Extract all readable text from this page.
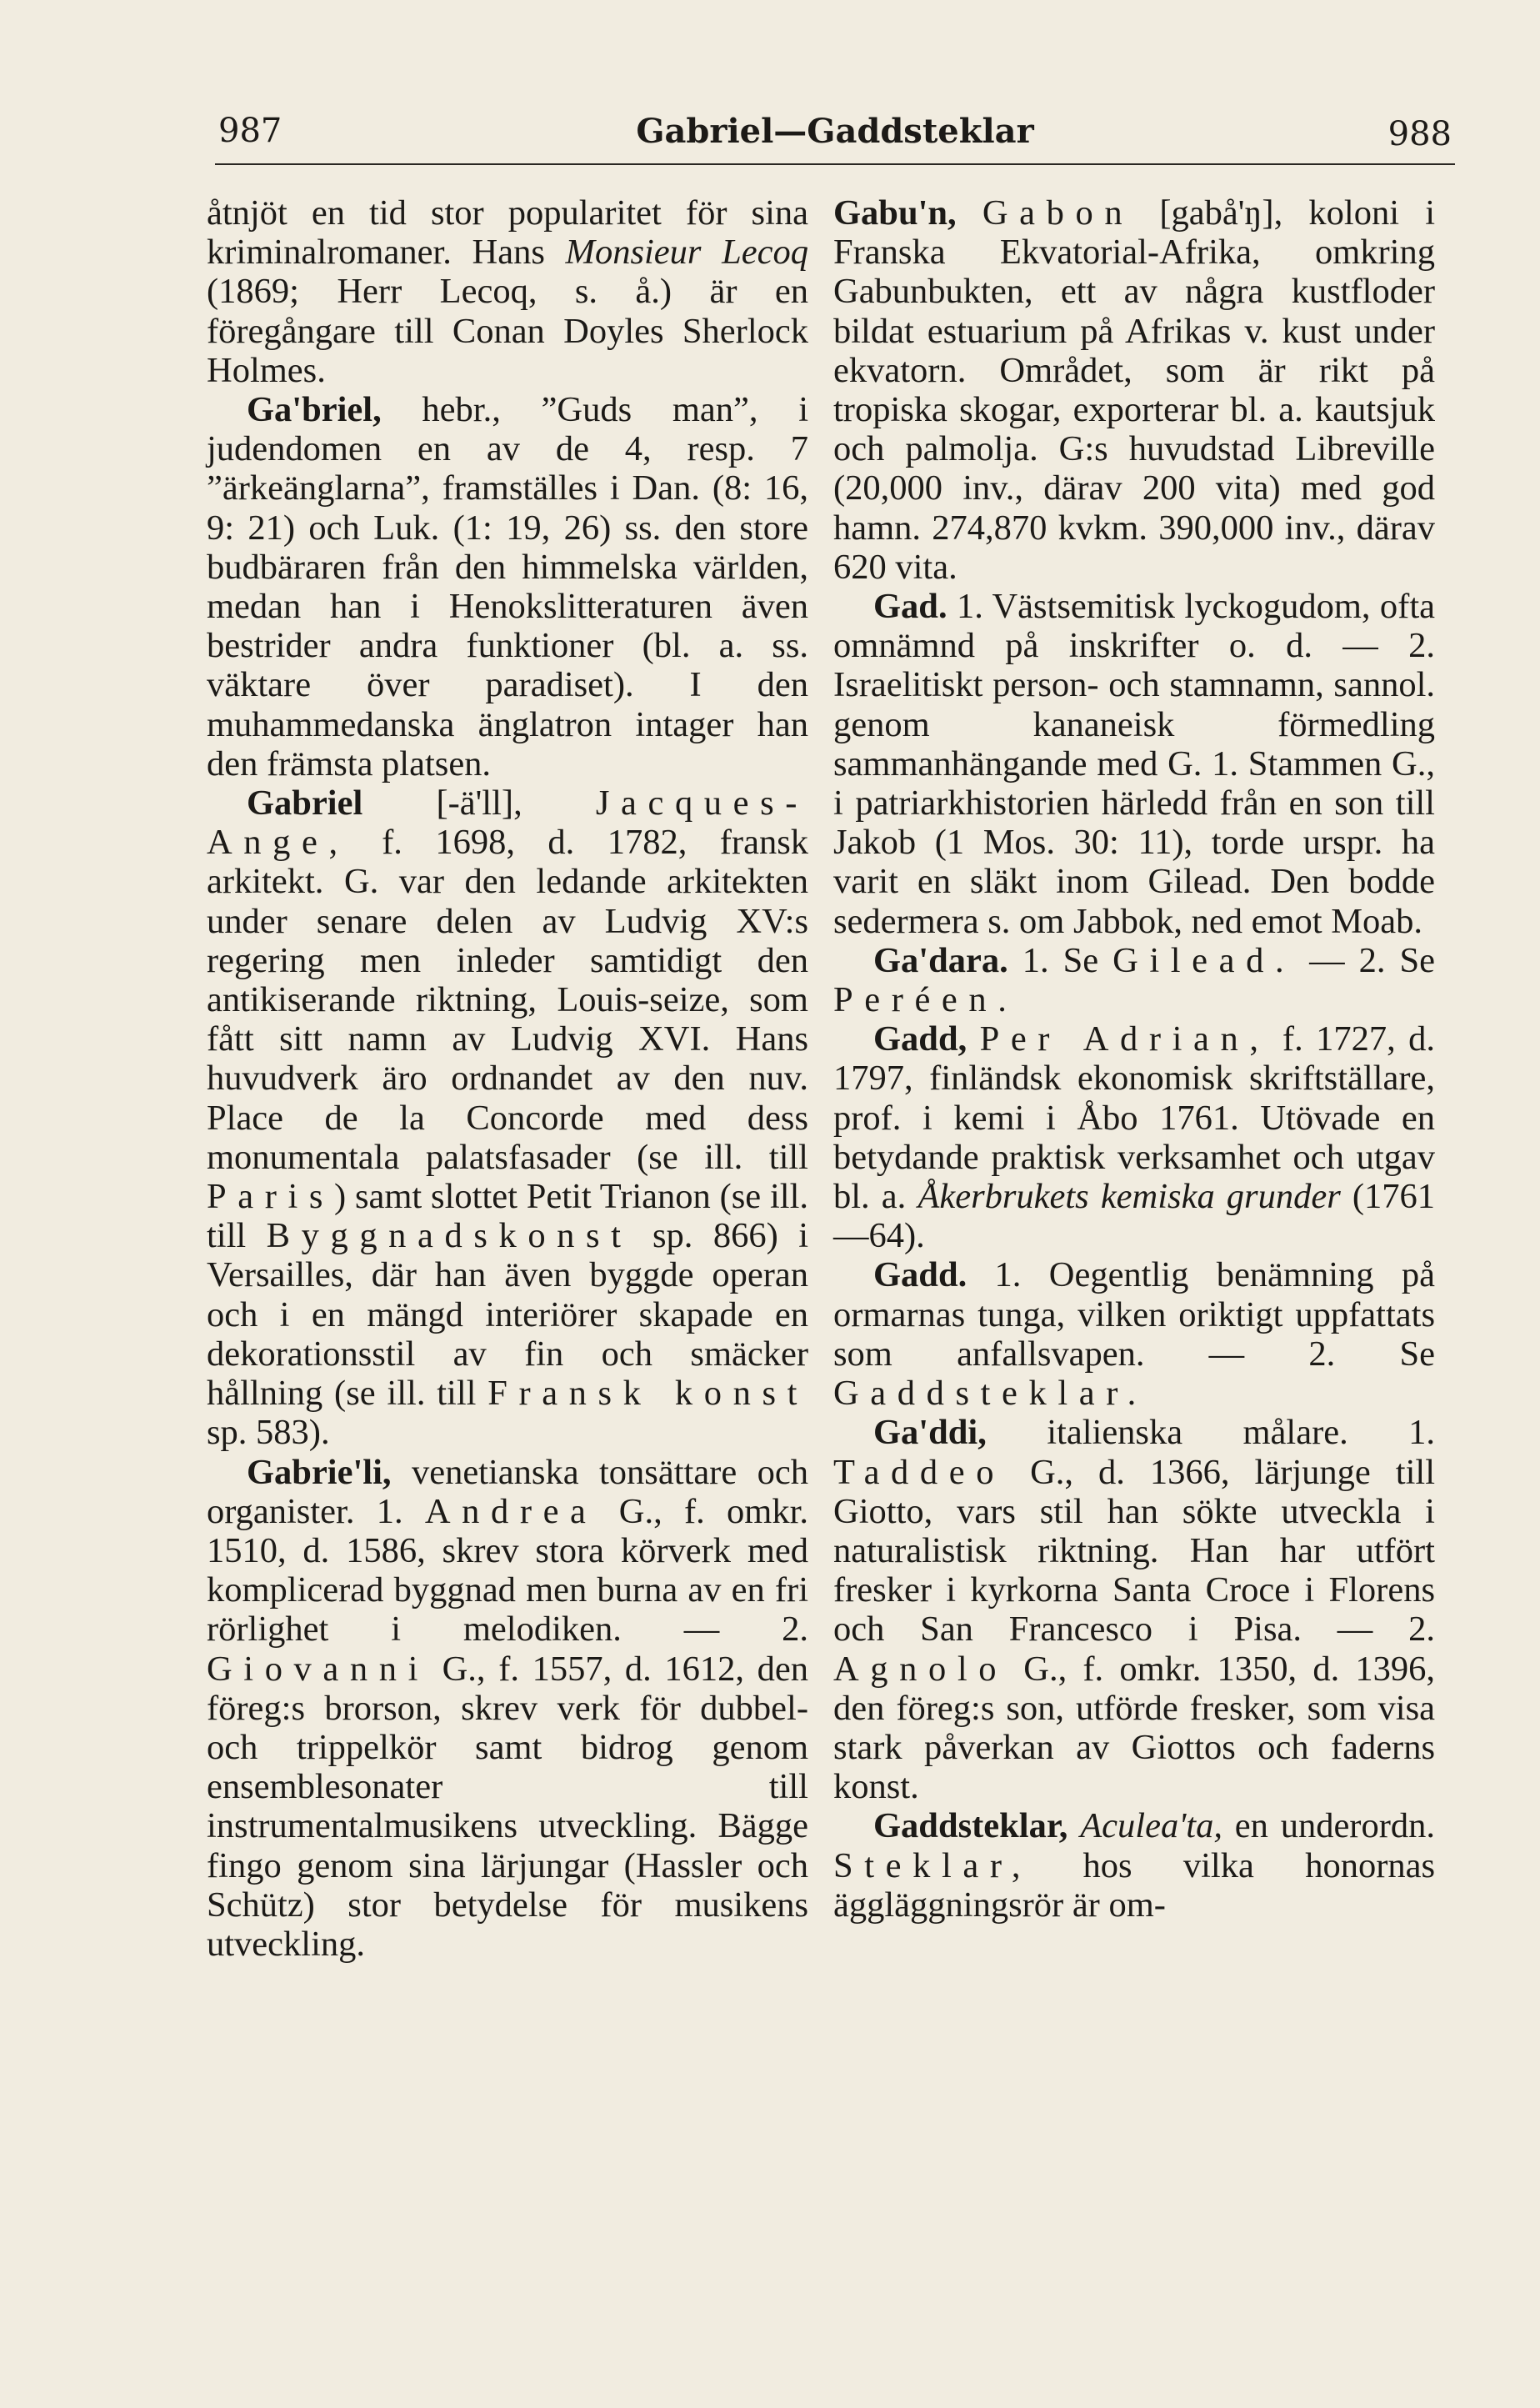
987	Gabriel—Gaddsteklar	988

åtnjöt en tid stor popularitet för sina kriminalromaner. Hans Monsieur Lecoq (1869; Herr Lecoq, s. å.) är en föregångare till Conan Doyles Sherlock Holmes.

Ga'briel, hebr., ”Guds man”, i judendomen en av de 4, resp. 7 ”ärkeänglarna”, framställes i Dan. (8: 16, 9: 21) och Luk. (1: 19, 26) ss. den store budbäraren från den himmelska världen, medan han i Henokslitteraturen även bestrider andra funktioner (bl. a. ss. väktare över paradiset). I den muhammedanska änglatron intager han den främsta platsen.

Gabriel [-ä'll], Jacques-Ange, f. 1698, d. 1782, fransk arkitekt. G. var den ledande arkitekten under senare delen av Ludvig XV:s regering men inleder samtidigt den antikiserande riktning, Louis-seize, som fått sitt namn av Ludvig XVI. Hans huvudverk äro ordnandet av den nuv. Place de la Concorde med dess monumentala palatsfasader (se ill. till Paris) samt slottet Petit Trianon (se ill. till Byggnadskonst sp. 866) i Versailles, där han även byggde operan och i en mängd interiörer skapade en dekorationsstil av fin och smäcker hållning (se ill. till Fransk konst sp. 583).

Gabrie'li, venetianska tonsättare och organister. 1. Andrea G., f. omkr. 1510, d. 1586, skrev stora körverk med komplicerad byggnad men burna av en fri rörlighet i melodiken. — 2. Giovanni G., f. 1557, d. 1612, den föreg:s brorson, skrev verk för dubbel- och trippelkör samt bidrog genom ensemblesonater till instrumentalmusikens utveckling. Bägge fingo genom sina lärjungar (Hassler och Schütz) stor betydelse för musikens utveckling.

Gabu'n, Gabon [gabå'ŋ], koloni i Franska Ekvatorial-Afrika, omkring Gabunbukten, ett av några kustfloder bildat estuarium på Afrikas v. kust under ekvatorn. Området, som är rikt på tropiska skogar, exporterar bl. a. kautsjuk och palmolja. G:s huvudstad Libreville (20,000 inv., därav 200 vita) med god hamn. 274,870 kvkm. 390,000 inv., därav 620 vita.

Gad. 1. Västsemitisk lyckogudom, ofta omnämnd på inskrifter o. d. — 2. Israelitiskt person- och stamnamn, sannol. genom kananeisk förmedling sammanhängande med G. 1. Stammen G., i patriarkhistorien härledd från en son till Jakob (1 Mos. 30: 11), torde urspr. ha varit en släkt inom Gilead. Den bodde sedermera s. om Jabbok, ned emot Moab.

Ga'dara. 1. Se Gilead. — 2. Se Peréen.

Gadd, Per Adrian, f. 1727, d. 1797, finländsk ekonomisk skriftställare, prof. i kemi i Åbo 1761. Utövade en betydande praktisk verksamhet och utgav bl. a. Åkerbrukets kemiska grunder (1761—64).

Gadd. 1. Oegentlig benämning på ormarnas tunga, vilken oriktigt uppfattats som anfallsvapen. — 2. Se Gaddsteklar.

Ga'ddi, italienska målare. 1. Taddeo G., d. 1366, lärjunge till Giotto, vars stil han sökte utveckla i naturalistisk riktning. Han har utfört fresker i kyrkorna Santa Croce i Florens och San Francesco i Pisa. — 2. Agnolo G., f. omkr. 1350, d. 1396, den föreg:s son, utförde fresker, som visa stark påverkan av Giottos och faderns konst.

Gaddsteklar, Aculea'ta, en underordn. Steklar, hos vilka honornas äggläggningsrör är om-
